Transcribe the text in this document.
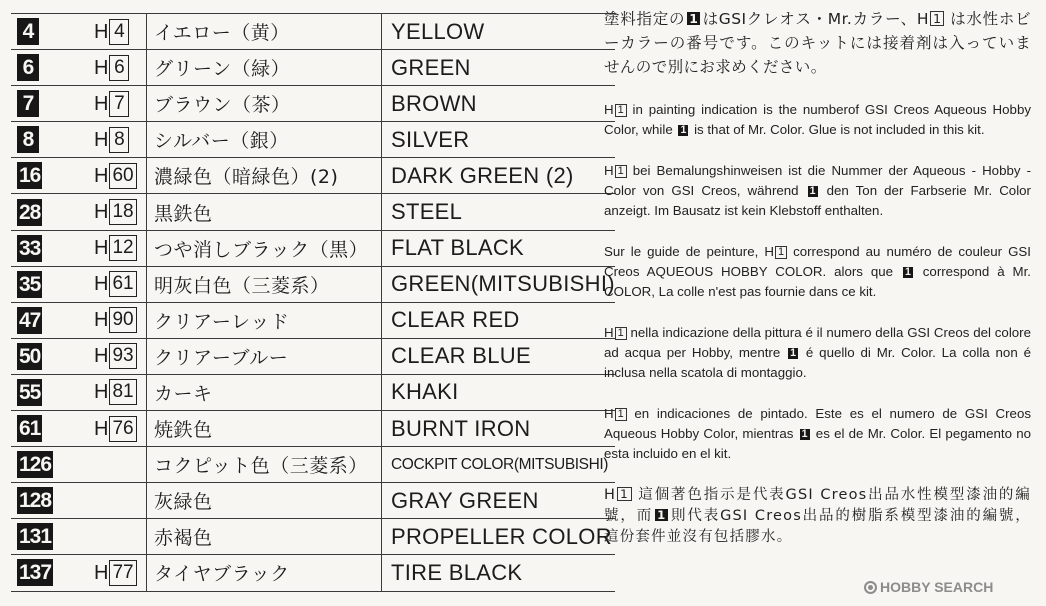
4	H 4	イエロー（黄）	YELLOW
6	H 6	グリーン（緑）	GREEN
7	H 7	ブラウン（茶）	BROWN
8	H 8	シルバー（銀）	SILVER
16	H 60	濃緑色（暗緑色）(2)	DARK GREEN (2)
28	H 18	黒鉄色	STEEL
33	H 12	つや消しブラック（黒）	FLAT BLACK
35	H 61	明灰白色（三菱系）	GREEN(MITSUBISHI)
47	H 90	クリアーレッド	CLEAR RED
50	H 93	クリアーブルー	CLEAR BLUE
55	H 81	カーキ	KHAKI
61	H 76	焼鉄色	BURNT IRON
126		コクピット色（三菱系）	COCKPIT COLOR(MITSUBISHI)
128		灰緑色	GRAY GREEN
131		赤褐色	PROPELLER COLOR
137	H 77	タイヤブラック	TIRE BLACK

塗料指定の 1 はGSIクレオス・Mr.カラー、H 1 は水性ホビーカラーの番号です。このキットには接着剤は入っていませんので別にお求めください。

H 1 in painting indication is the numberof GSI Creos Aqueous Hobby Color, while 1 is that of Mr. Color. Glue is not included in this kit.

H 1 bei Bemalungshinweisen ist die Nummer der Aqueous - Hobby - Color von GSI Creos, während 1 den Ton der Farbserie Mr. Color anzeigt. Im Bausatz ist kein Klebstoff enthalten.

Sur le guide de peinture, H 1 correspond au numéro de couleur GSI Creos AQUEOUS HOBBY COLOR. alors que 1 correspond à Mr. COLOR, La colle n'est pas fournie dans ce kit.

H 1 nella indicazione della pittura é il numero della GSI Creos del colore ad acqua per Hobby, mentre 1 é quello di Mr. Color. La colla non é inclusa nella scatola di montaggio.

H 1 en indicaciones de pintado. Este es el numero de GSI Creos Aqueous Hobby Color, mientras 1 es el de Mr. Color. El pegamento no esta incluido en el kit.

H 1 這個著色指示是代表GSI Creos出品水性模型漆油的編號，而 1 則代表GSI Creos出品的樹脂系模型漆油的編號，這份套件並沒有包括膠水。

HOBBY SEARCH
